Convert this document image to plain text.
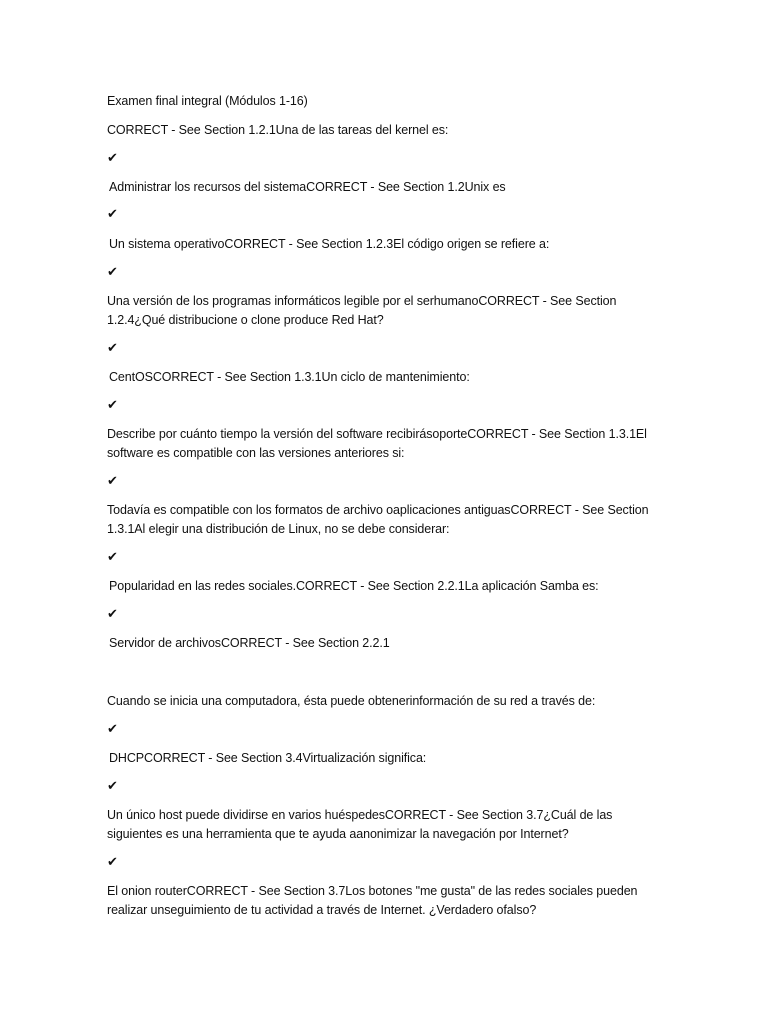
Examen final integral (Módulos 1-16)
CORRECT - See Section 1.2.1Una de las tareas del kernel es:
✔
Administrar los recursos del sistemaCORRECT - See Section 1.2Unix es
✔
Un sistema operativoCORRECT - See Section 1.2.3El código origen se refiere a:
✔
Una versión de los programas informáticos legible por el serhumanoCORRECT - See Section 1.2.4¿Qué distribucione o clone produce Red Hat?
✔
CentOSCORRECT - See Section 1.3.1Un ciclo de mantenimiento:
✔
Describe por cuánto tiempo la versión del software recibirásoporteCORRECT - See Section 1.3.1El software es compatible con las versiones anteriores si:
✔
Todavía es compatible con los formatos de archivo oaplicaciones antiguasCORRECT - See Section 1.3.1Al elegir una distribución de Linux, no se debe considerar:
✔
Popularidad en las redes sociales.CORRECT - See Section 2.2.1La aplicación Samba es:
✔
Servidor de archivosCORRECT - See Section 2.2.1
Cuando se inicia una computadora, ésta puede obtenerinformación de su red a través de:
✔
DHCPCORRECT - See Section 3.4Virtualización significa:
✔
Un único host puede dividirse en varios huéspedesCORRECT - See Section 3.7¿Cuál de las siguientes es una herramienta que te ayuda aanonimizar la navegación por Internet?
✔
El onion routerCORRECT - See Section 3.7Los botones "me gusta" de las redes sociales pueden realizar unseguimiento de tu actividad a través de Internet. ¿Verdadero ofalso?
